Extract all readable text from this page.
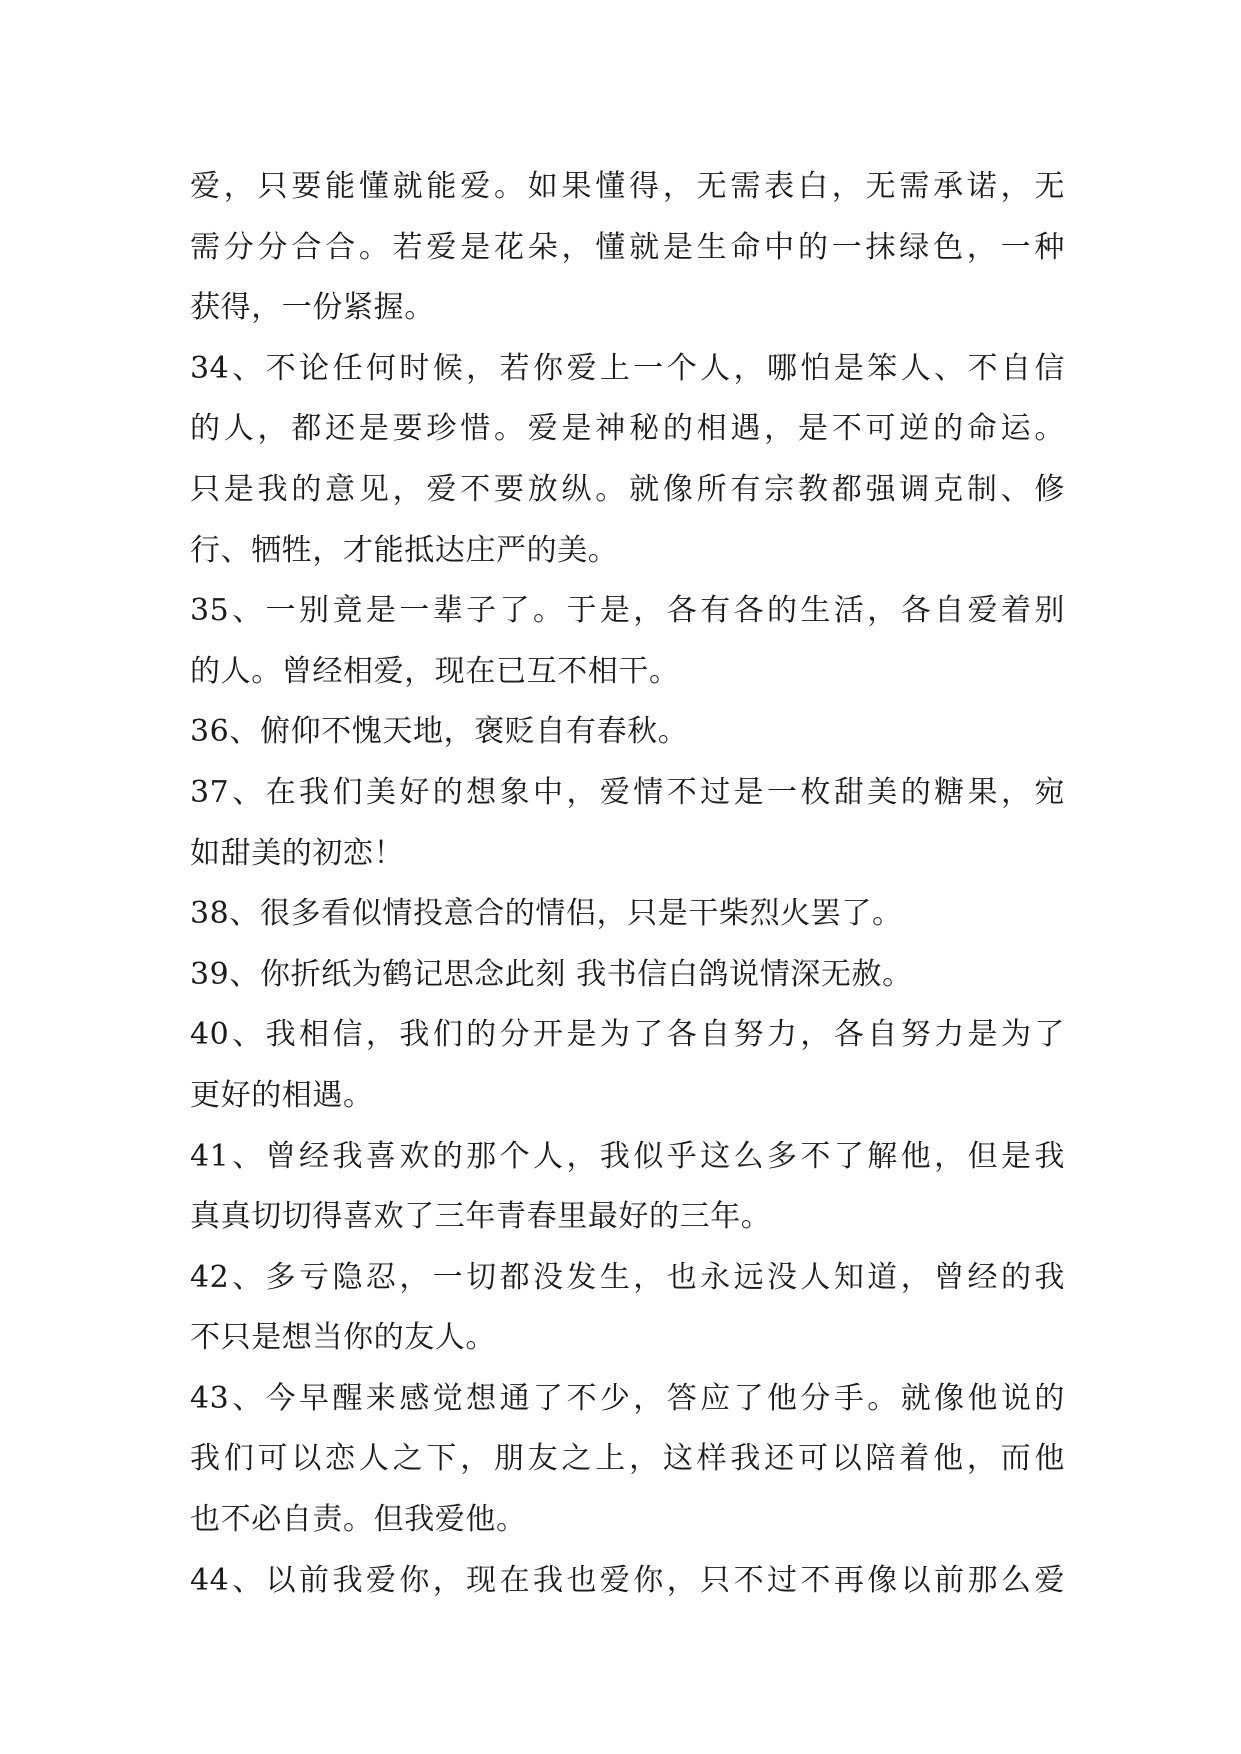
爱，只要能懂就能爱。如果懂得，无需表白，无需承诺，无
需分分合合。若爱是花朵，懂就是生命中的一抹绿色，一种
获得，一份紧握。
34、不论任何时候，若你爱上一个人，哪怕是笨人、不自信
的人，都还是要珍惜。爱是神秘的相遇，是不可逆的命运。
只是我的意见，爱不要放纵。就像所有宗教都强调克制、修
行、牺牲，才能抵达庄严的美。
35、一别竟是一辈子了。于是，各有各的生活，各自爱着别
的人。曾经相爱，现在已互不相干。
36、俯仰不愧天地，褒贬自有春秋。
37、在我们美好的想象中，爱情不过是一枚甜美的糖果，宛
如甜美的初恋！
38、很多看似情投意合的情侣，只是干柴烈火罢了。
39、你折纸为鹤记思念此刻 我书信白鸽说情深无赦。
40、我相信，我们的分开是为了各自努力，各自努力是为了
更好的相遇。
41、曾经我喜欢的那个人，我似乎这么多不了解他，但是我
真真切切得喜欢了三年青春里最好的三年。
42、多亏隐忍，一切都没发生，也永远没人知道，曾经的我
不只是想当你的友人。
43、今早醒来感觉想通了不少，答应了他分手。就像他说的
我们可以恋人之下，朋友之上，这样我还可以陪着他，而他
也不必自责。但我爱他。
44、以前我爱你，现在我也爱你，只不过不再像以前那么爱
